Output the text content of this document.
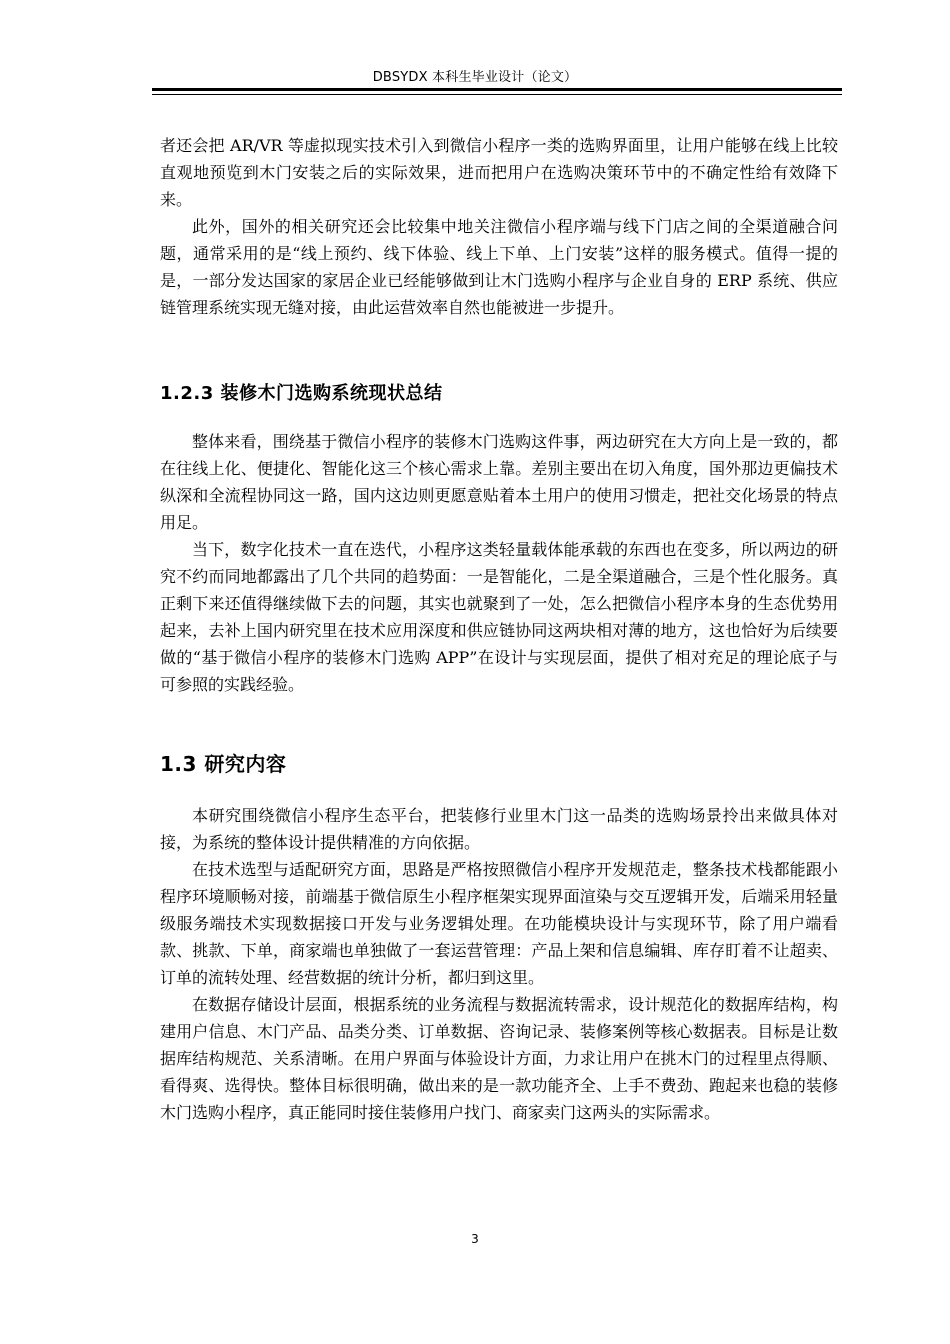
DBSYDX 本科生毕业设计（论文）

者还会把 AR/VR 等虚拟现实技术引入到微信小程序一类的选购界面里，让用户能够在线上比较直观地预览到木门安装之后的实际效果，进而把用户在选购决策环节中的不确定性给有效降下来。

此外，国外的相关研究还会比较集中地关注微信小程序端与线下门店之间的全渠道融合问题，通常采用的是“线上预约、线下体验、线上下单、上门安装”这样的服务模式。值得一提的是，一部分发达国家的家居企业已经能够做到让木门选购小程序与企业自身的 ERP 系统、供应链管理系统实现无缝对接，由此运营效率自然也能被进一步提升。

1.2.3 装修木门选购系统现状总结

整体来看，围绕基于微信小程序的装修木门选购这件事，两边研究在大方向上是一致的，都在往线上化、便捷化、智能化这三个核心需求上靠。差别主要出在切入角度，国外那边更偏技术纵深和全流程协同这一路，国内这边则更愿意贴着本土用户的使用习惯走，把社交化场景的特点用足。

当下，数字化技术一直在迭代，小程序这类轻量载体能承载的东西也在变多，所以两边的研究不约而同地都露出了几个共同的趋势面：一是智能化，二是全渠道融合，三是个性化服务。真正剩下来还值得继续做下去的问题，其实也就聚到了一处，怎么把微信小程序本身的生态优势用起来，去补上国内研究里在技术应用深度和供应链协同这两块相对薄的地方，这也恰好为后续要做的“基于微信小程序的装修木门选购 APP”在设计与实现层面，提供了相对充足的理论底子与可参照的实践经验。

1.3 研究内容

本研究围绕微信小程序生态平台，把装修行业里木门这一品类的选购场景拎出来做具体对接，为系统的整体设计提供精准的方向依据。

在技术选型与适配研究方面，思路是严格按照微信小程序开发规范走，整条技术栈都能跟小程序环境顺畅对接，前端基于微信原生小程序框架实现界面渲染与交互逻辑开发，后端采用轻量级服务端技术实现数据接口开发与业务逻辑处理。在功能模块设计与实现环节，除了用户端看款、挑款、下单，商家端也单独做了一套运营管理：产品上架和信息编辑、库存盯着不让超卖、订单的流转处理、经营数据的统计分析，都归到这里。

在数据存储设计层面，根据系统的业务流程与数据流转需求，设计规范化的数据库结构，构建用户信息、木门产品、品类分类、订单数据、咨询记录、装修案例等核心数据表。目标是让数据库结构规范、关系清晰。在用户界面与体验设计方面，力求让用户在挑木门的过程里点得顺、看得爽、选得快。整体目标很明确，做出来的是一款功能齐全、上手不费劲、跑起来也稳的装修木门选购小程序，真正能同时接住装修用户找门、商家卖门这两头的实际需求。

3
